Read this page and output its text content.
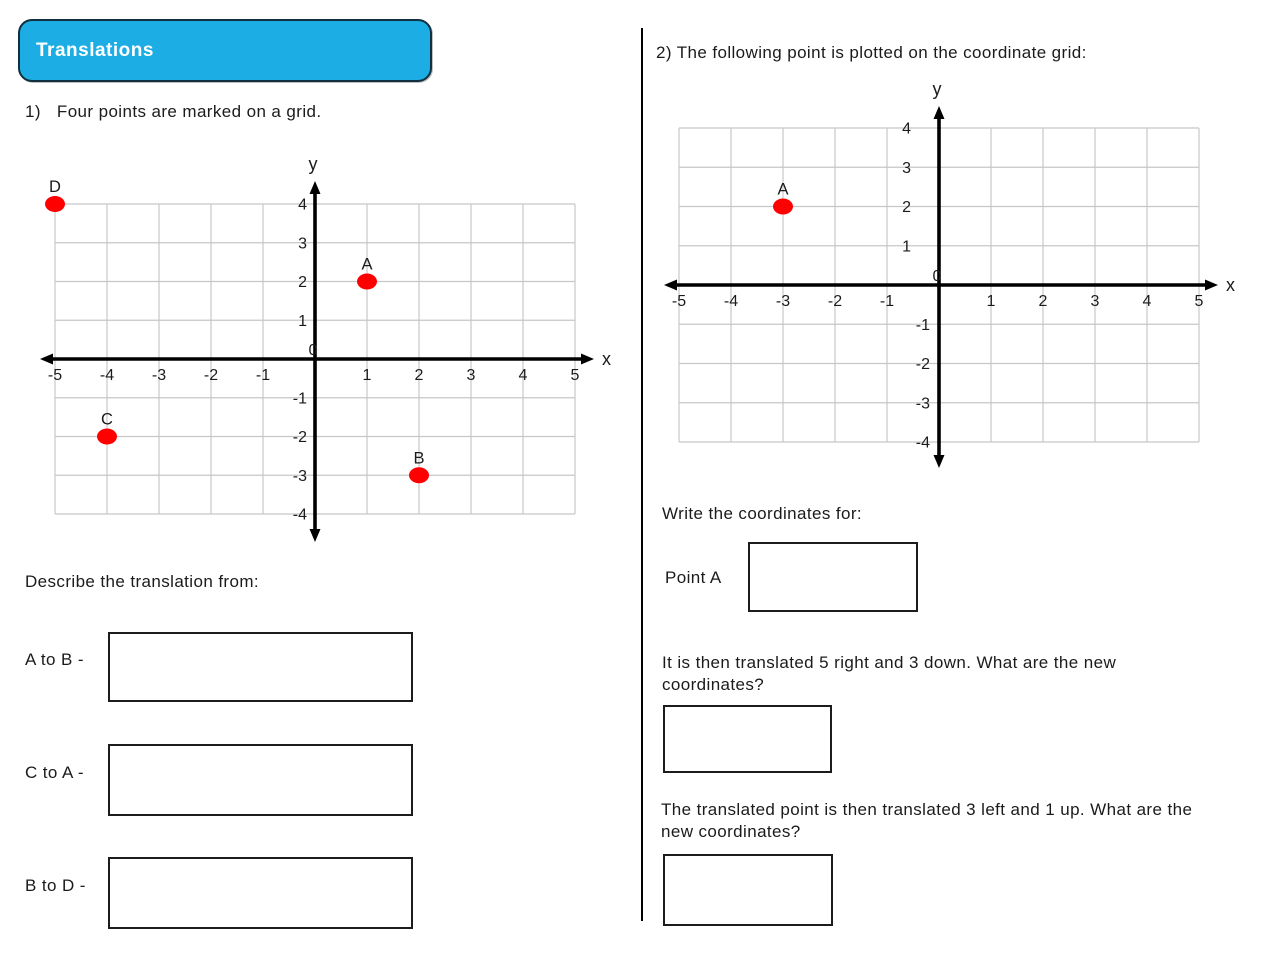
Translations
1) Four points are marked on a grid.
-5 -4 -3 -2 -1	1	2	3	4	5
4
3
2
1
-1
-2
-3
-4
0	x
y
D
A
C
B
Describe the translation from:
A to B -
C to A -
B to D -
2) The following point is plotted on the coordinate grid:
-5 -4 -3 -2 -1	1	2	3	4	5
4
3
2
1
-1
-2
-3
-4
0	x
y
A
Write the coordinates for:
Point A
It is then translated 5 right and 3 down. What are the new
coordinates?
The translated point is then translated 3 left and 1 up. What are the
new coordinates?
